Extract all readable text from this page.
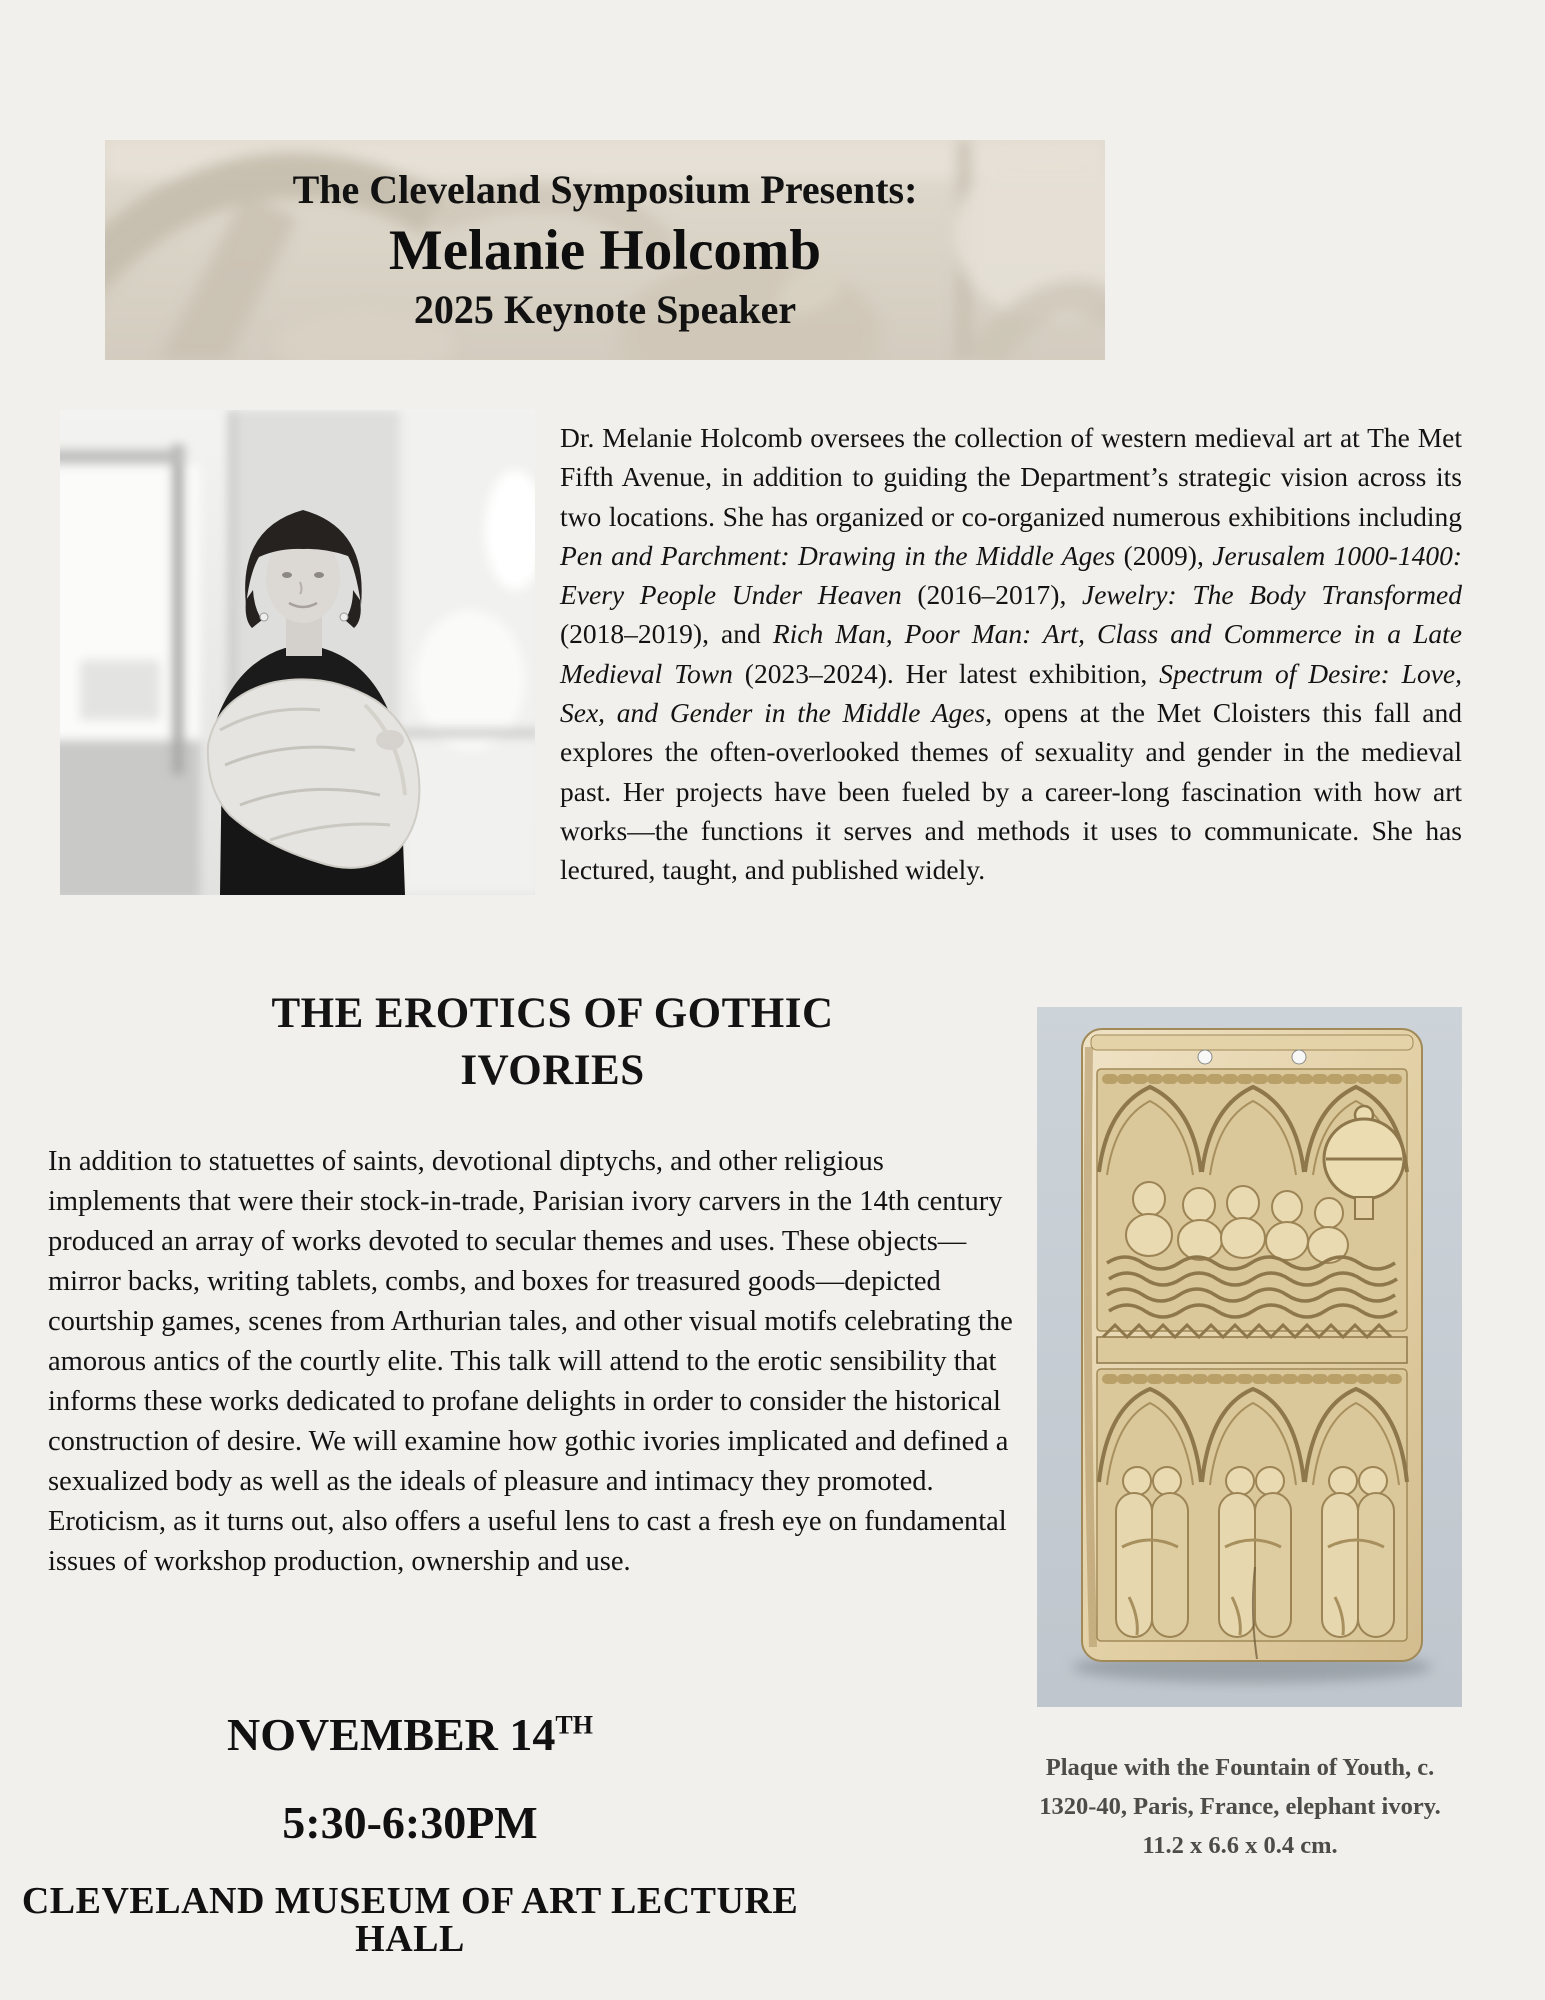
The Cleveland Symposium Presents:
Melanie Holcomb
2025 Keynote Speaker

Dr. Melanie Holcomb oversees the collection of western medieval art at The Met Fifth Avenue, in addition to guiding the Department’s strategic vision across its two locations. She has organized or co-organized numerous exhibitions including Pen and Parchment: Drawing in the Middle Ages (2009), Jerusalem 1000-1400: Every People Under Heaven (2016–2017), Jewelry: The Body Transformed (2018–2019), and Rich Man, Poor Man: Art, Class and Commerce in a Late Medieval Town (2023–2024). Her latest exhibition, Spectrum of Desire: Love, Sex, and Gender in the Middle Ages, opens at the Met Cloisters this fall and explores the often-overlooked themes of sexuality and gender in the medieval past. Her projects have been fueled by a career-long fascination with how art works—the functions it serves and methods it uses to communicate. She has lectured, taught, and published widely.

THE EROTICS OF GOTHIC
IVORIES

In addition to statuettes of saints, devotional diptychs, and other religious implements that were their stock-in-trade, Parisian ivory carvers in the 14th century produced an array of works devoted to secular themes and uses. These objects—mirror backs, writing tablets, combs, and boxes for treasured goods—depicted courtship games, scenes from Arthurian tales, and other visual motifs celebrating the amorous antics of the courtly elite. This talk will attend to the erotic sensibility that informs these works dedicated to profane delights in order to consider the historical construction of desire. We will examine how gothic ivories implicated and defined a sexualized body as well as the ideals of pleasure and intimacy they promoted. Eroticism, as it turns out, also offers a useful lens to cast a fresh eye on fundamental issues of workshop production, ownership and use.

Plaque with the Fountain of Youth, c.
1320-40, Paris, France, elephant ivory.
11.2 x 6.6 x 0.4 cm.
NOVEMBER 14TH
5:30-6:30PM
CLEVELAND MUSEUM OF ART LECTURE HALL
